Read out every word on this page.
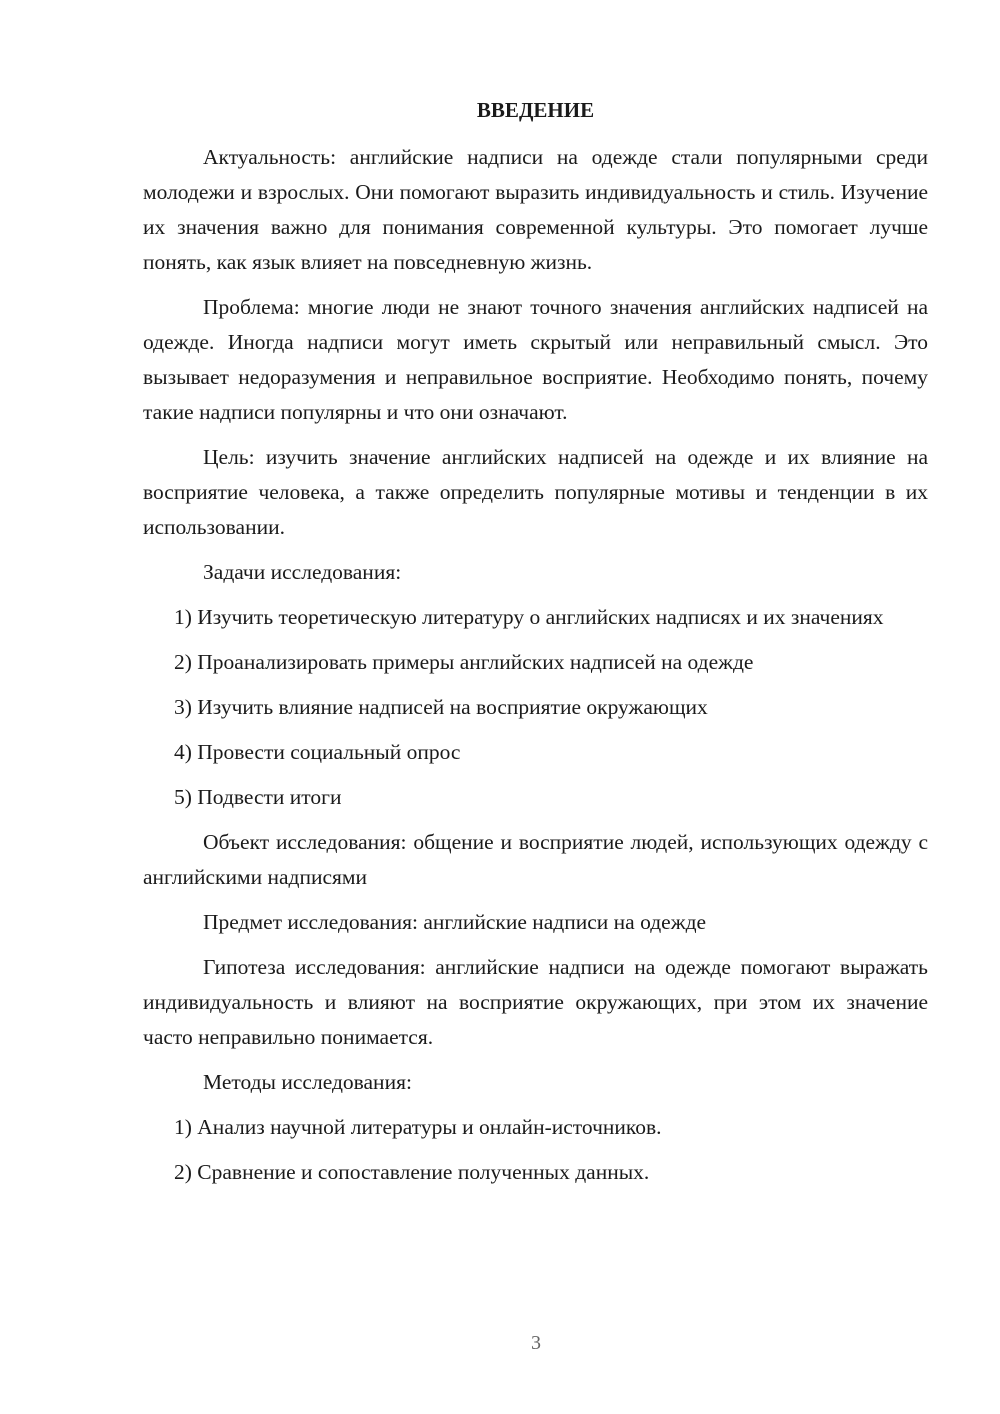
ВВЕДЕНИЕ

Актуальность: английские надписи на одежде стали популярными среди молодежи и взрослых. Они помогают выразить индивидуальность и стиль. Изучение их значения важно для понимания современной культуры. Это помогает лучше понять, как язык влияет на повседневную жизнь.

Проблема: многие люди не знают точного значения английских надписей на одежде. Иногда надписи могут иметь скрытый или неправильный смысл. Это вызывает недоразумения и неправильное восприятие. Необходимо понять, почему такие надписи популярны и что они означают.

Цель: изучить значение английских надписей на одежде и их влияние на восприятие человека, а также определить популярные мотивы и тенденции в их использовании.

Задачи исследования:

1) Изучить теоретическую литературу о английских надписях и их значениях

2) Проанализировать примеры английских надписей на одежде

3) Изучить влияние надписей на восприятие окружающих

4) Провести социальный опрос

5) Подвести итоги

Объект исследования: общение и восприятие людей, использующих одежду с английскими надписями

Предмет исследования: английские надписи на одежде

Гипотеза исследования: английские надписи на одежде помогают выражать индивидуальность и влияют на восприятие окружающих, при этом их значение часто неправильно понимается.

Методы исследования:

1) Анализ научной литературы и онлайн-источников.

2) Сравнение и сопоставление полученных данных.

3
